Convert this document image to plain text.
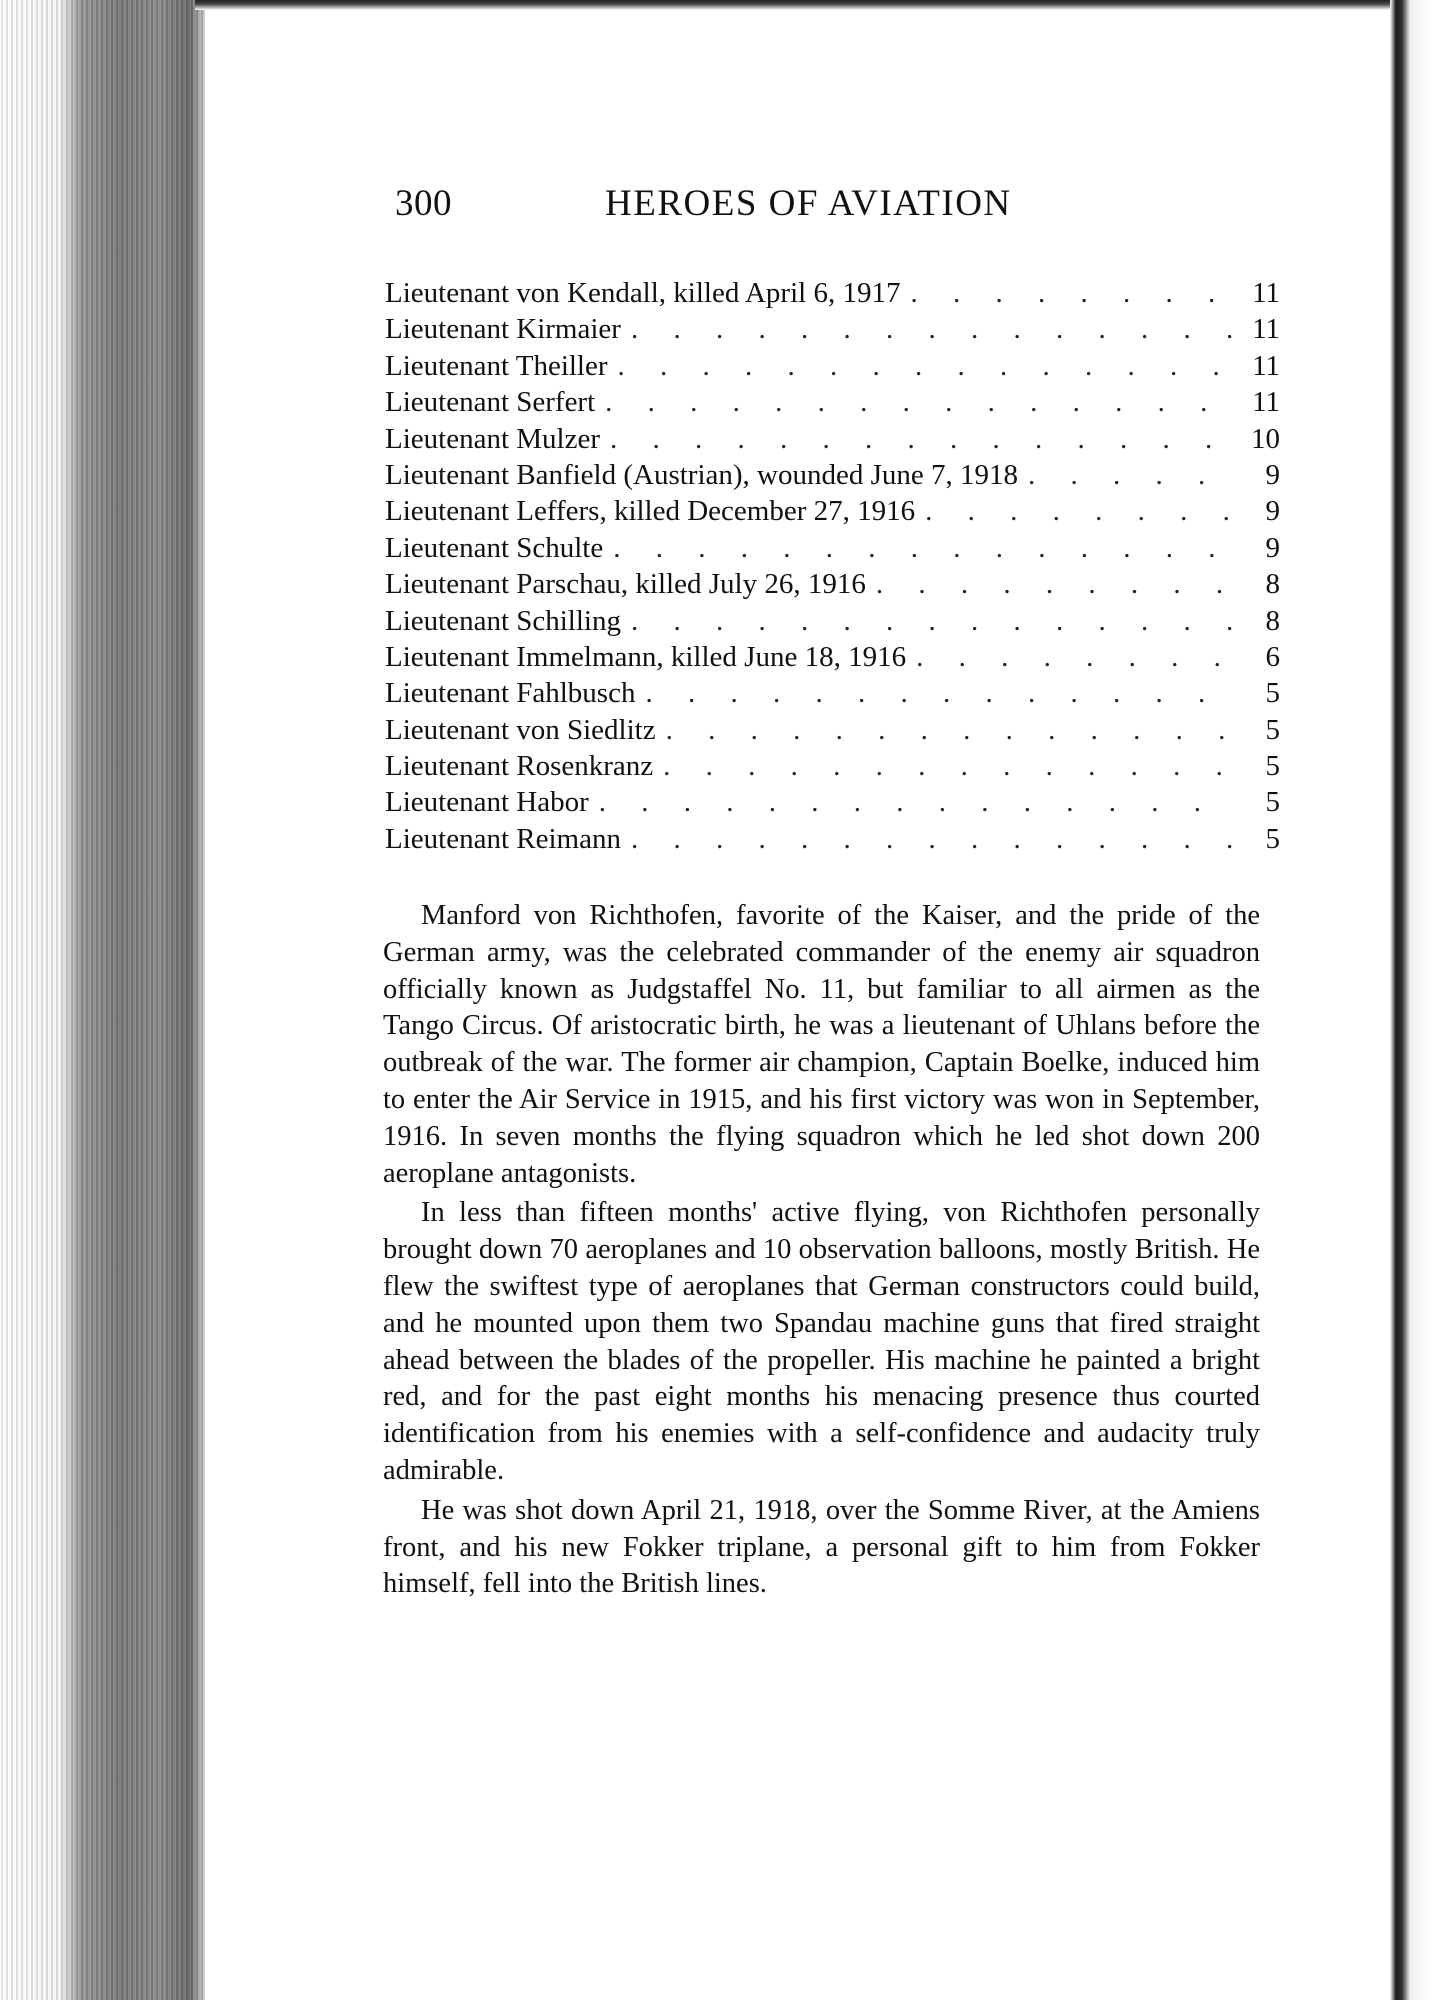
300	HEROES OF AVIATION
Lieutenant von Kendall, killed April 6, 1917 . . .	11
Lieutenant Kirmaier . . .	11
Lieutenant Theiller . . .	11
Lieutenant Serfert . . .	11
Lieutenant Mulzer . . .	10
Lieutenant Banfield (Austrian), wounded June 7, 1918 . . .	9
Lieutenant Leffers, killed December 27, 1916 . . .	9
Lieutenant Schulte . . .	9
Lieutenant Parschau, killed July 26, 1916 . . .	8
Lieutenant Schilling . . .	8
Lieutenant Immelmann, killed June 18, 1916 . . .	6
Lieutenant Fahlbusch . . .	5
Lieutenant von Siedlitz . . .	5
Lieutenant Rosenkranz . . .	5
Lieutenant Habor . . .	5
Lieutenant Reimann . . .	5

Manford von Richthofen, favorite of the Kaiser, and the pride of the German army, was the celebrated commander of the enemy air squadron officially known as Judgstaffel No. 11, but familiar to all airmen as the Tango Circus. Of aristocratic birth, he was a lieutenant of Uhlans before the outbreak of the war. The former air champion, Captain Boelke, induced him to enter the Air Service in 1915, and his first victory was won in September, 1916. In seven months the flying squadron which he led shot down 200 aeroplane antagonists.

In less than fifteen months' active flying, von Richthofen personally brought down 70 aeroplanes and 10 observation balloons, mostly British. He flew the swiftest type of aeroplanes that German constructors could build, and he mounted upon them two Spandau machine guns that fired straight ahead between the blades of the propeller. His machine he painted a bright red, and for the past eight months his menacing presence thus courted identification from his enemies with a self-confidence and audacity truly admirable.

He was shot down April 21, 1918, over the Somme River, at the Amiens front, and his new Fokker triplane, a personal gift to him from Fokker himself, fell into the British lines.
